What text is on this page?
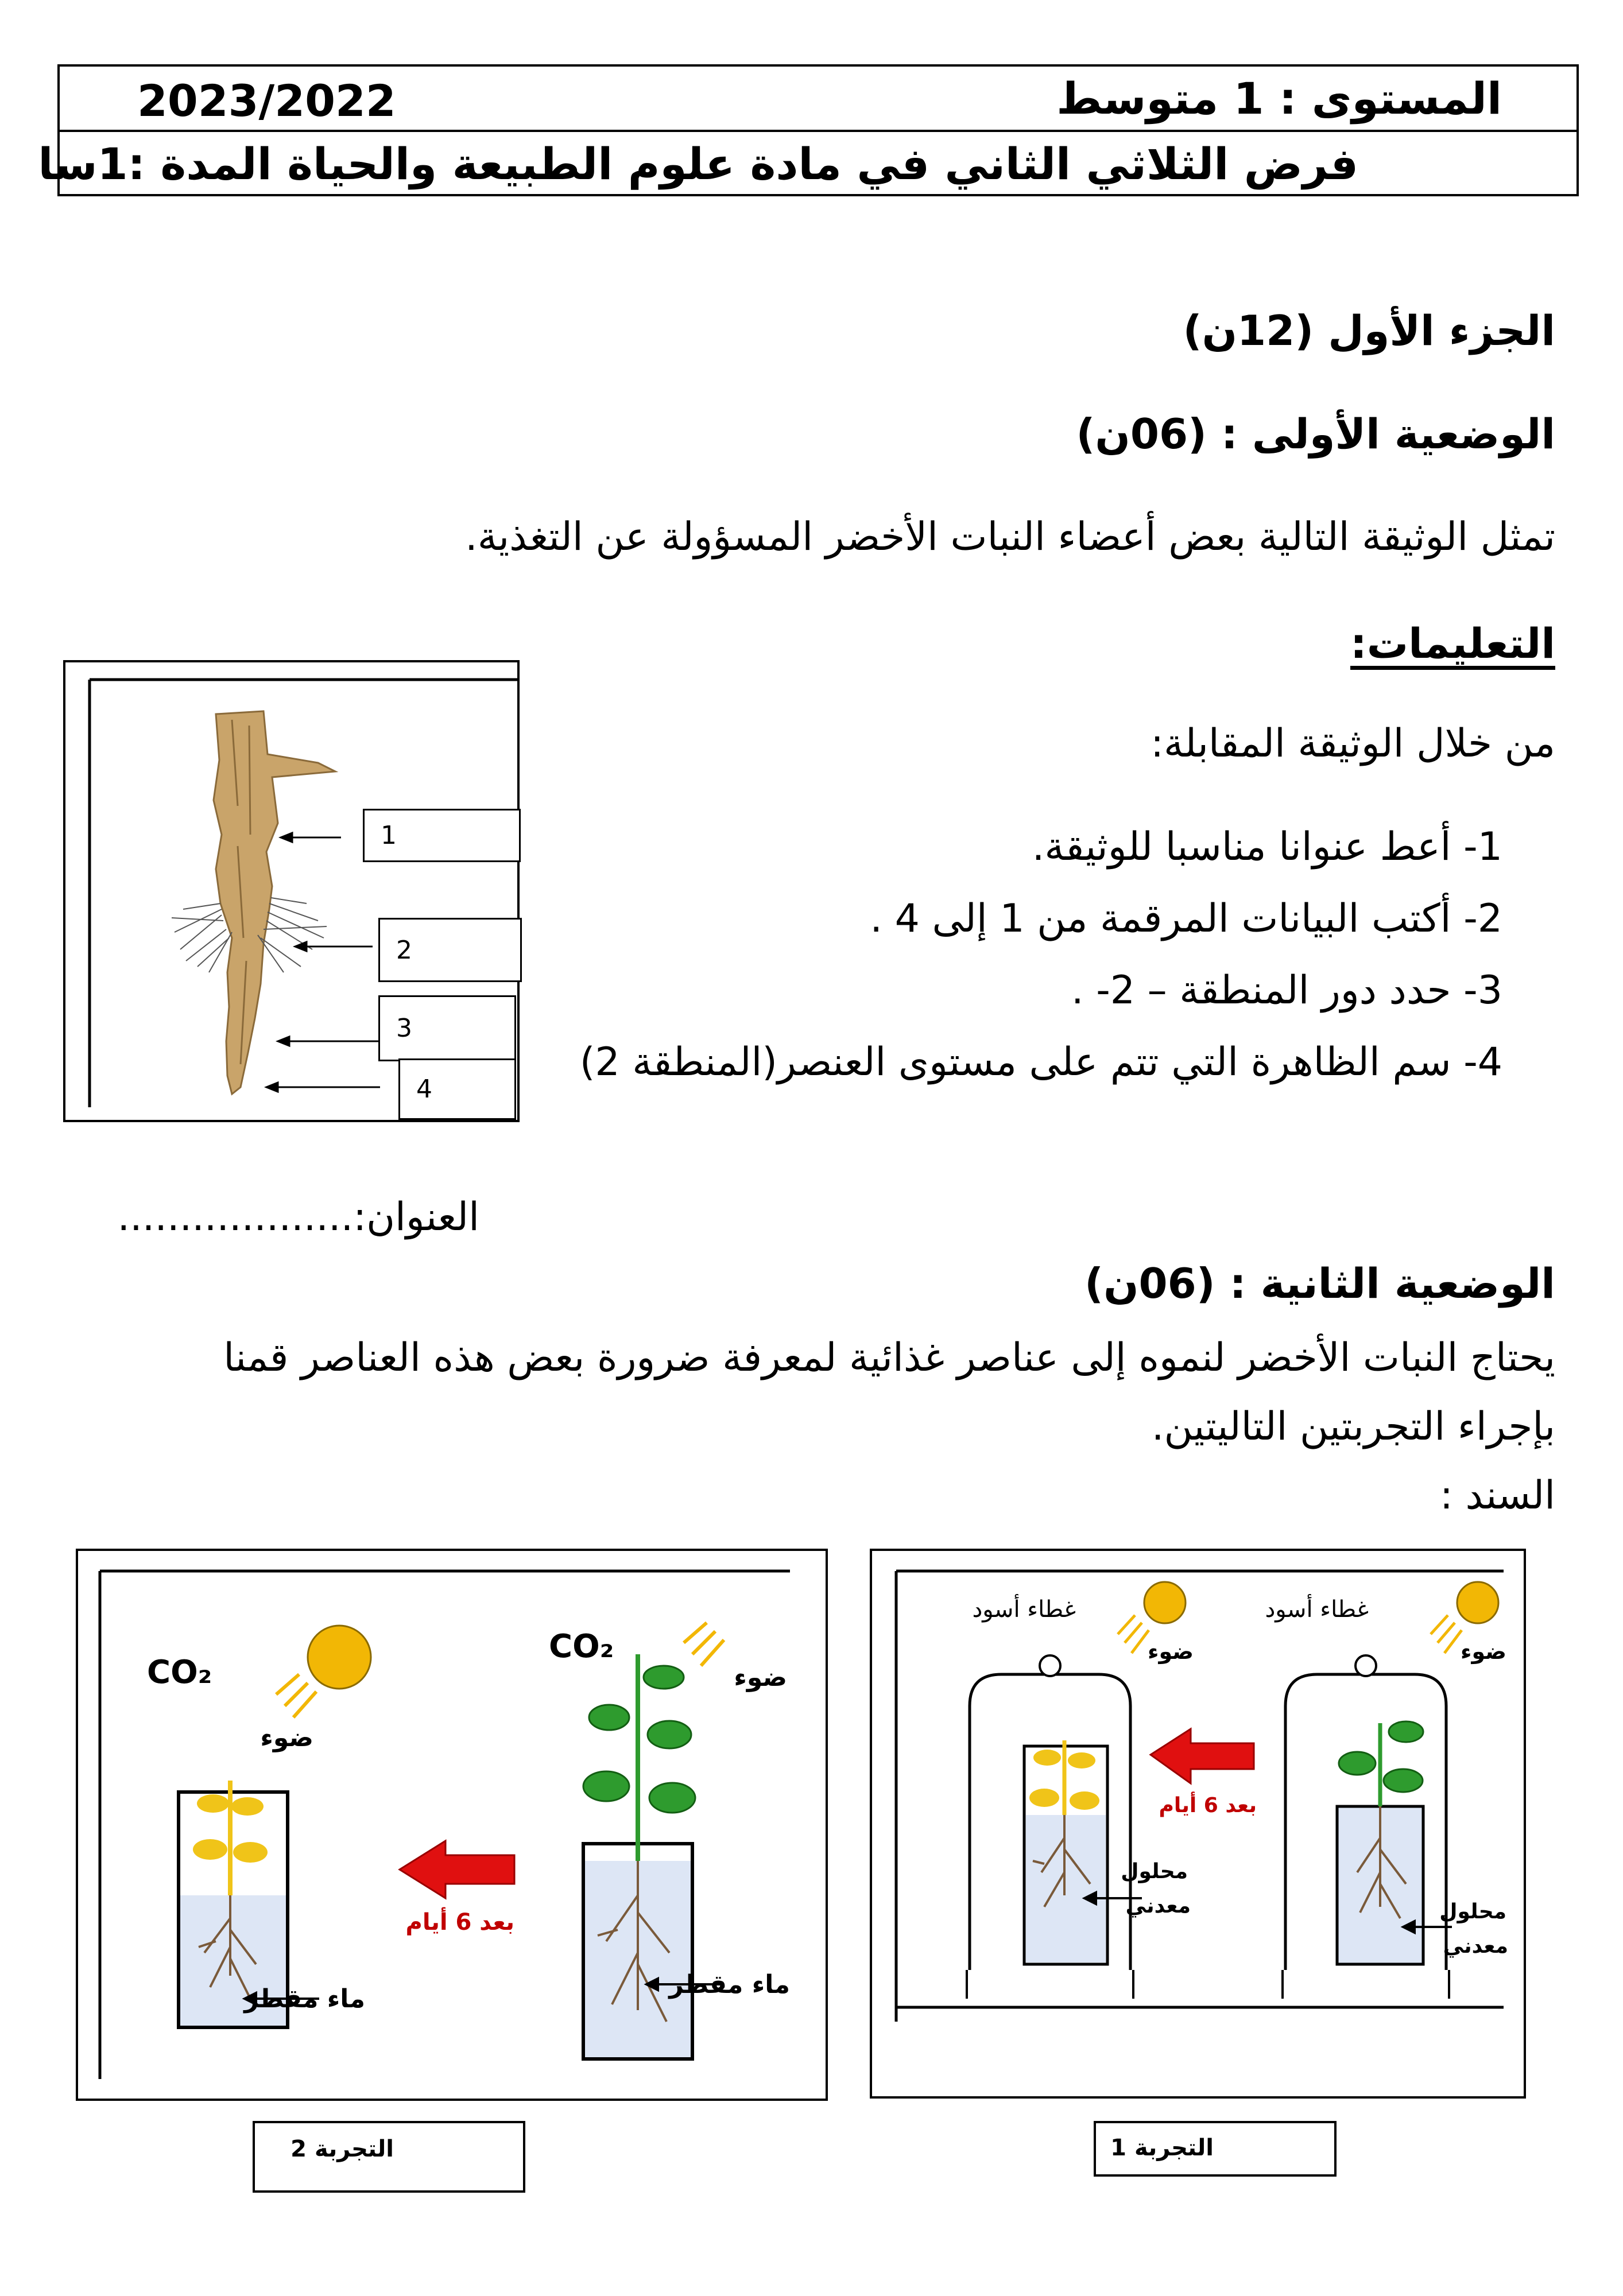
المستوى : 1 متوسط
2023/2022
فرض الثلاثي الثاني في مادة علوم الطبيعة والحياة المدة :1سا
الجزء الأول (12ن)
الوضعية الأولى : (06ن)
تمثل الوثيقة التالية بعض أعضاء النبات الأخضر المسؤولة عن التغذية.
التعليمات:
من خلال الوثيقة المقابلة:
1- أعط عنوانا مناسبا للوثيقة.
2- أكتب البيانات المرقمة من 1 إلى 4 .
3- حدد دور المنطقة – 2- .
4- سم الظاهرة التي تتم على مستوى العنصر(المنطقة 2)
1
2
3
4
العنوان:...................
الوضعية الثانية : (06ن)
يحتاج النبات الأخضر لنموه إلى عناصر غذائية لمعرفة ضرورة بعض هذه العناصر قمنا
بإجراء التجربتين التاليتين.
السند :
CO₂
ضوء
ماء مقطر
بعد 6 أيام
CO₂
ضوء
ماء مقطر
غطاء أسود
ضوء
محلول
معدني
بعد 6 أيام
غطاء أسود
ضوء
محلول
معدني
التجربة 2	التجربة 1
